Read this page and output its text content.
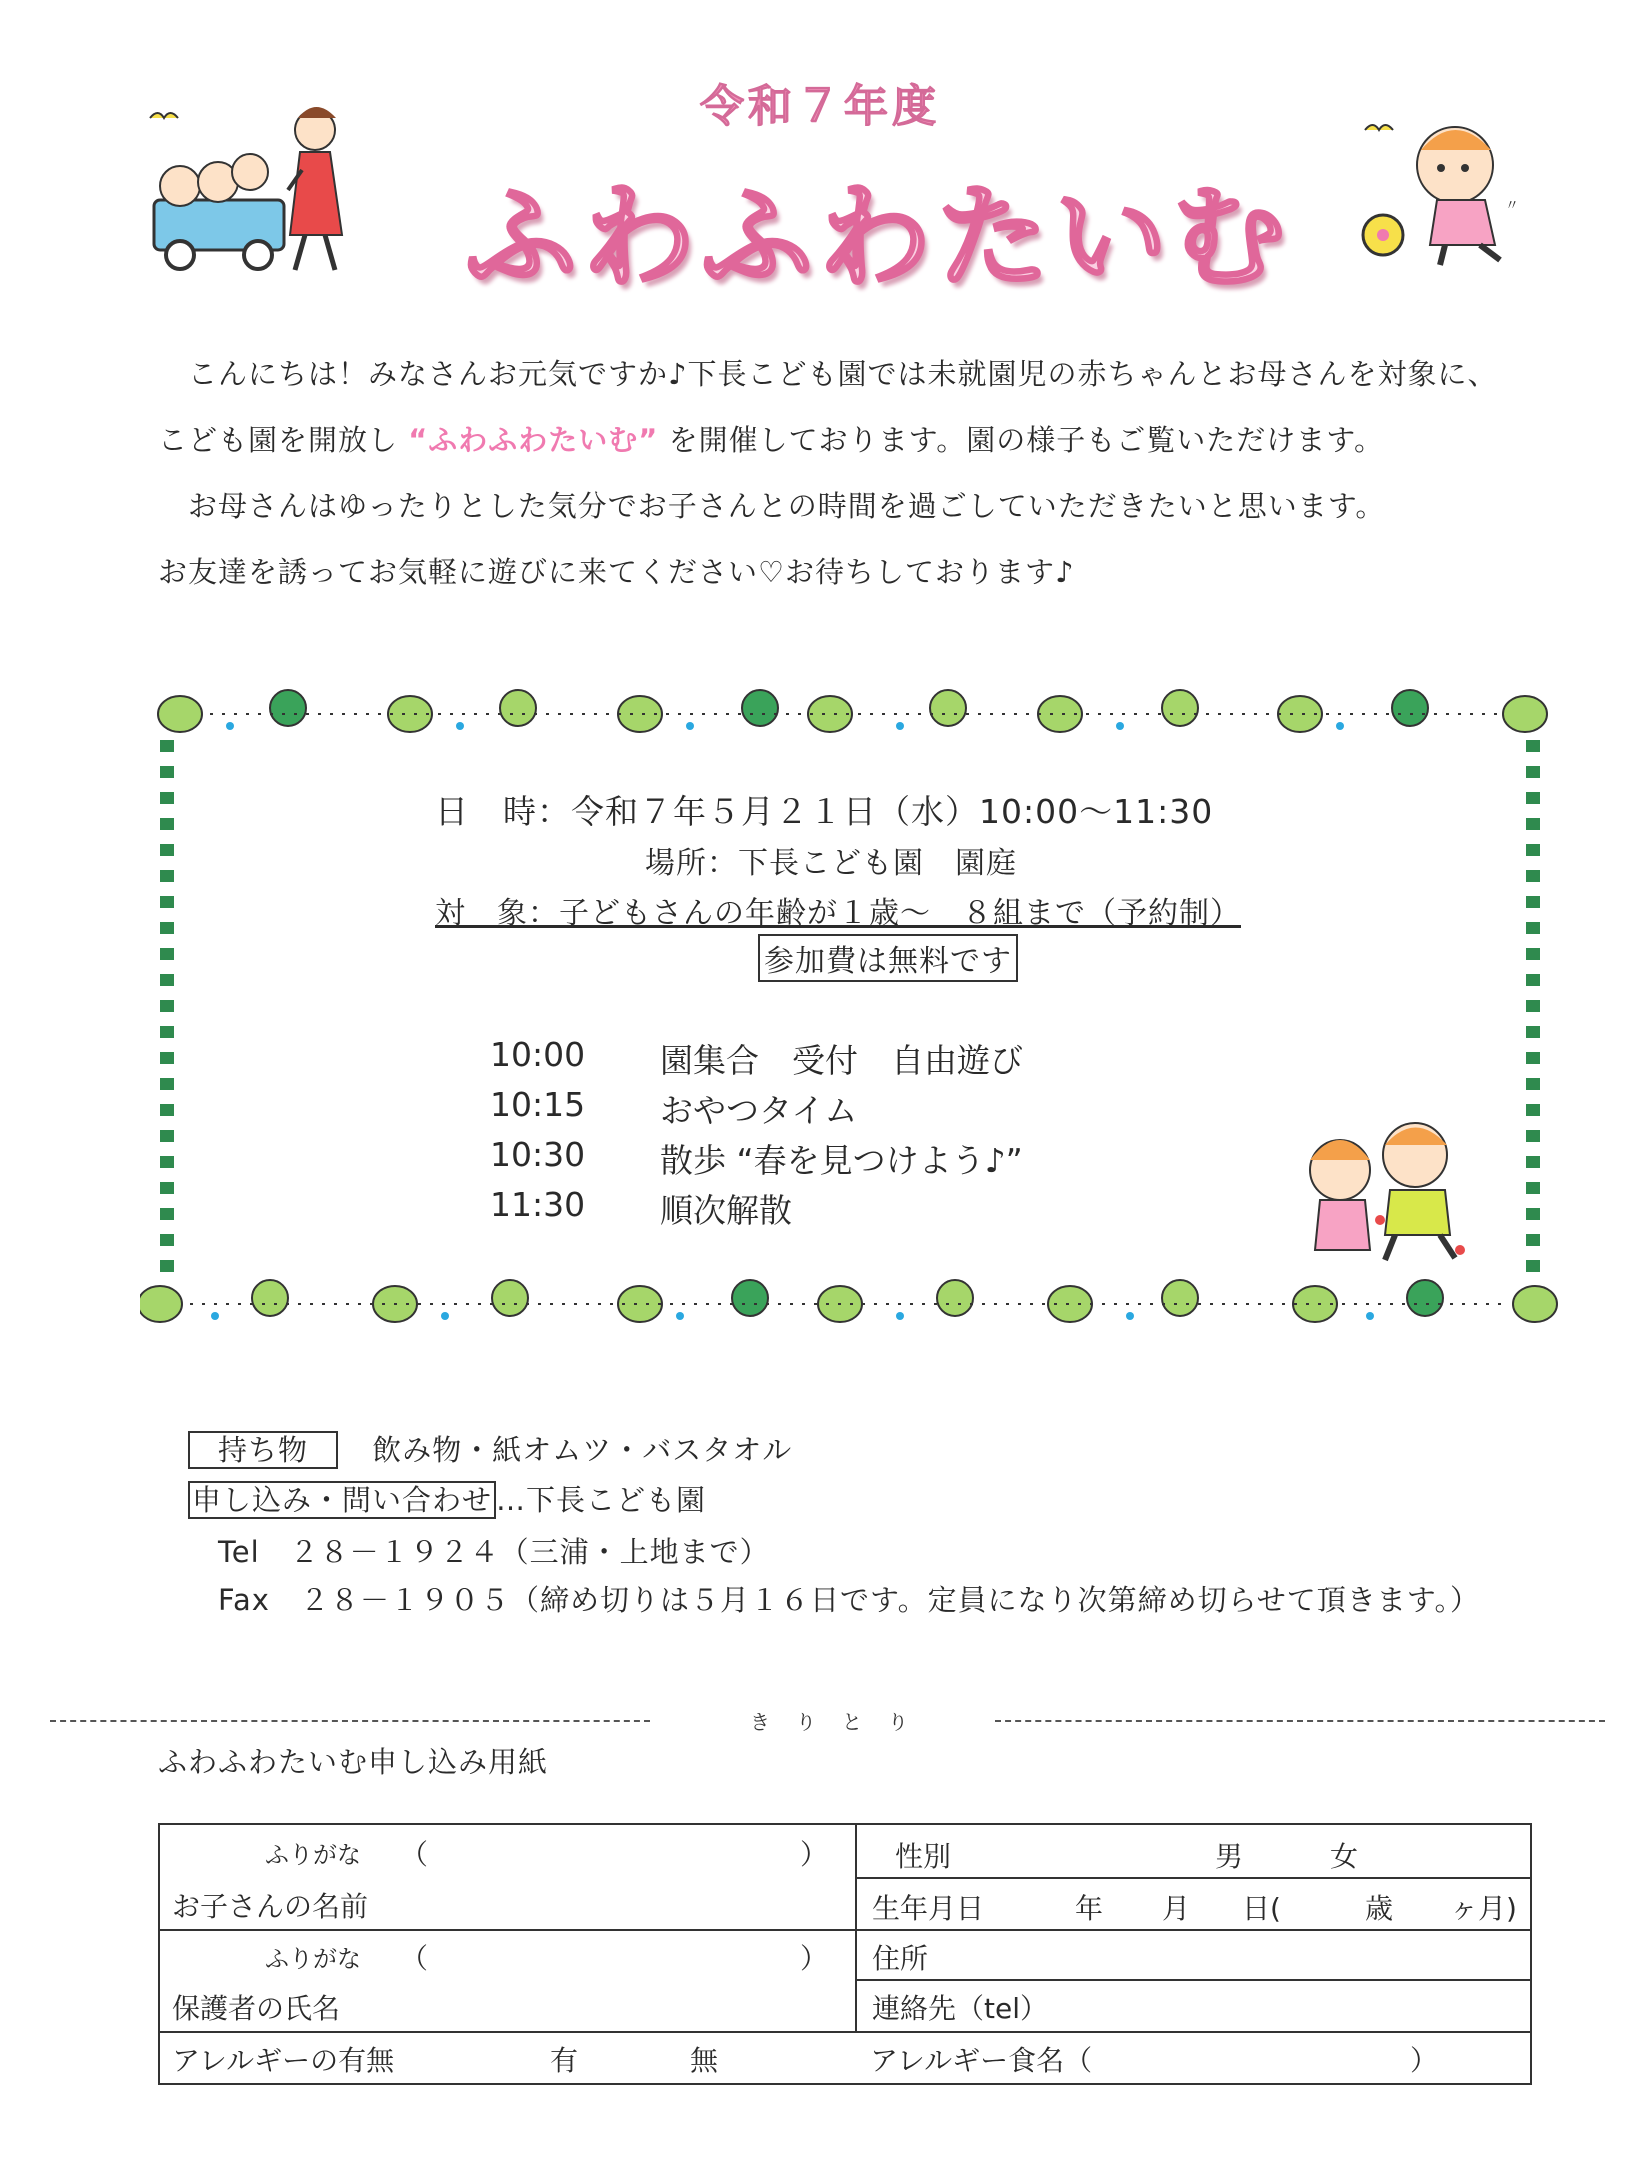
令和７年度
ふわふわたいむ	〃
こんにちは！みなさんお元気ですか♪下長こども園では未就園児の赤ちゃんとお母さんを対象に、
こども園を開放し “ふわふわたいむ” を開催しております。園の様子もご覧いただけます。
お母さんはゆったりとした気分でお子さんとの時間を過ごしていただきたいと思います。
お友達を誘ってお気軽に遊びに来てください♡お待ちしております♪
日　時：令和７年５月２１日（水）10:00～11:30
場所：下長こども園　園庭
対　象：子どもさんの年齢が１歳～　８組まで（予約制）
参加費は無料です
10:00 園集合　受付　自由遊び
10:15 おやつタイム
10:30 散歩 “春を見つけよう♪”
11:30 順次解散
持ち物 飲み物・紙オムツ・バスタオル
申し込み・問い合わせ …下長こども園
Tel　２８－１９２４（三浦・上地まで）
Fax　２８－１９０５（締め切りは５月１６日です。定員になり次第締め切らせて頂きます。）
きりとり
ふわふわたいむ申し込み用紙
ふりがな （	）
お子さんの名前
ふりがな （	）
保護者の氏名
性別	男	女
生年月日	年 月 日(	歳 ヶ月)
住所
連絡先（tel）
アレルギーの有無	有	無	アレルギー食名（	）
